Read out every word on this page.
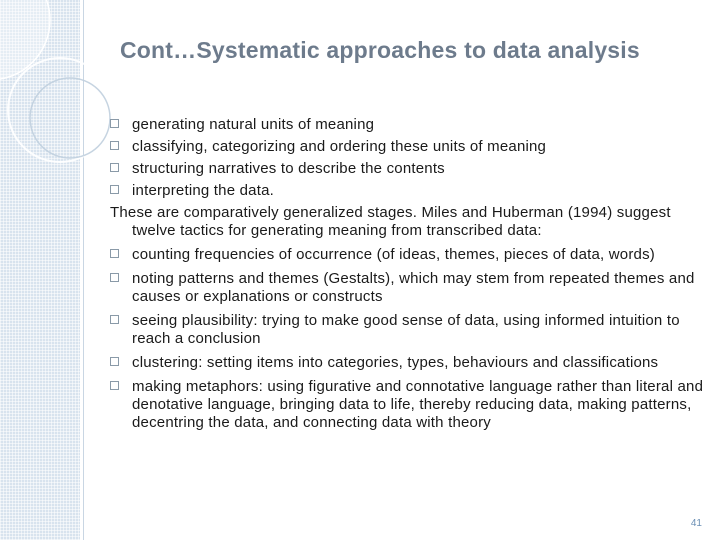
Cont…Systematic approaches to data analysis
generating natural units of meaning
classifying, categorizing and ordering these units of meaning
structuring narratives to describe the contents
interpreting the data.

These are comparatively generalized stages. Miles and Huberman (1994) suggest twelve tactics for generating meaning from transcribed data:

counting frequencies of occurrence (of ideas, themes, pieces of data, words)
noting patterns and themes (Gestalts), which may stem from repeated themes and causes or explanations or constructs
seeing plausibility: trying to make good sense of data, using informed intuition to reach a conclusion
clustering: setting items into categories, types, behaviours and classifications
making metaphors: using figurative and connotative language rather than literal and denotative language, bringing data to life, thereby reducing data, making patterns, decentring the data, and connecting data with theory
41
